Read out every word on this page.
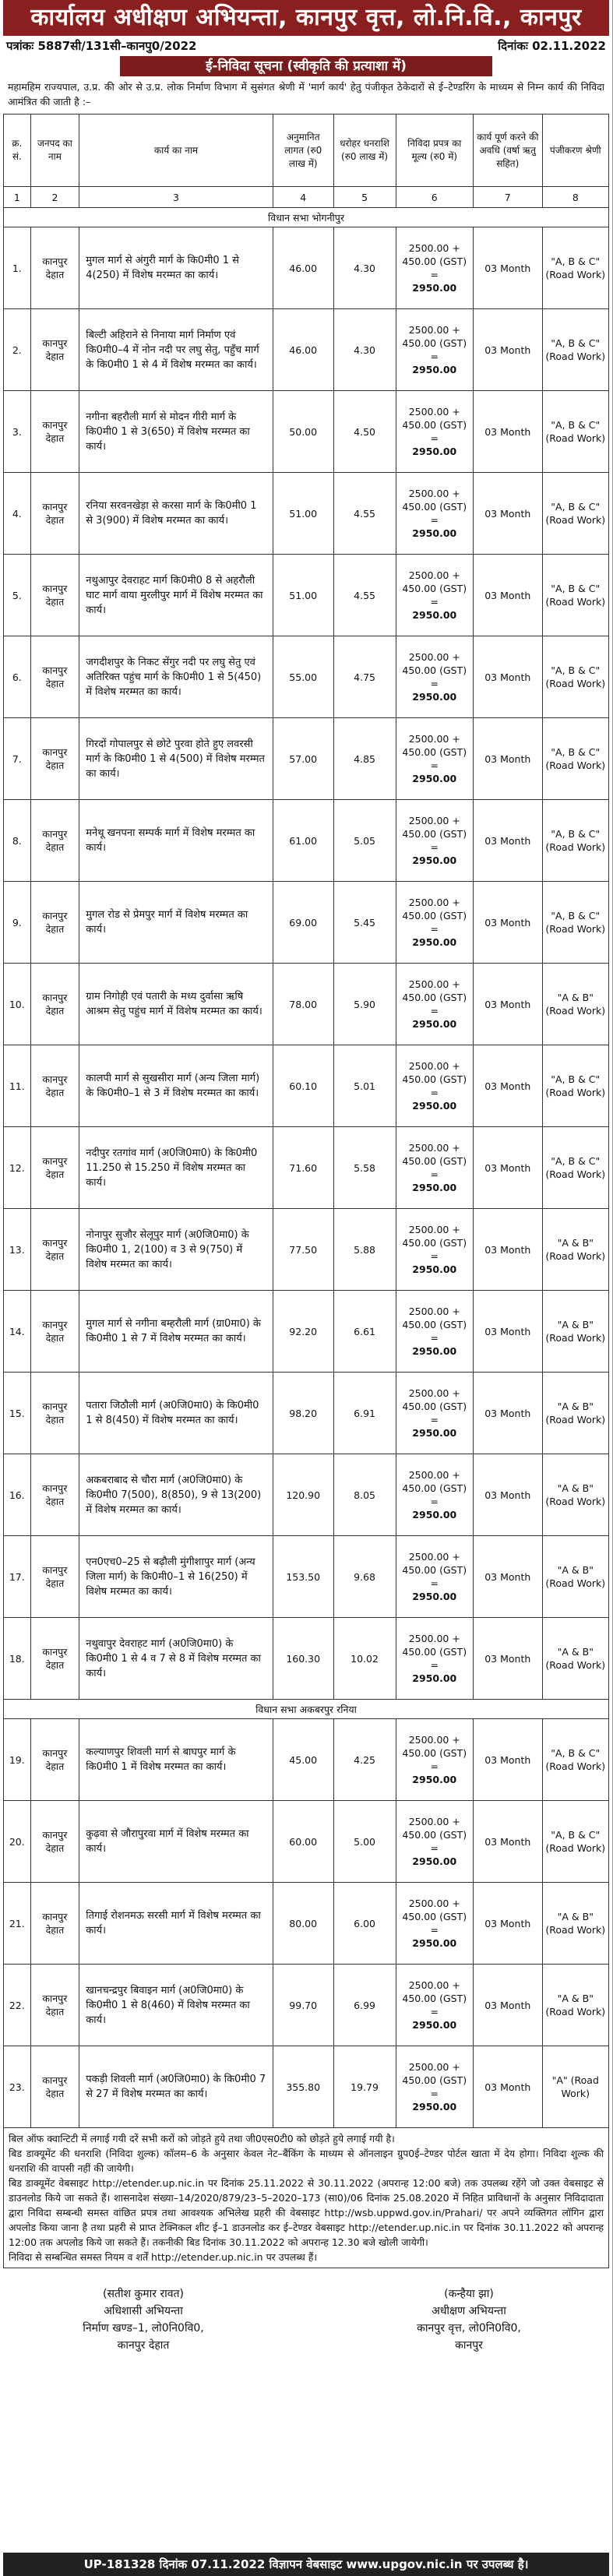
कार्यालय अधीक्षण अभियन्ता, कानपुर वृत्त, लो.नि.वि., कानपुर
पत्रांकः 5887सी/131सी–कानपु0/2022	दिनांकः 02.11.2022
ई-निविदा सूचना (स्वीकृति की प्रत्याशा में)
महामहिम राज्यपाल, उ.प्र. की ओर से उ.प्र. लोक निर्माण विभाग में सुसंगत श्रेणी में 'मार्ग कार्य' हेतु पंजीकृत ठेकेदारों से ई–टेण्डरिंग के माध्यम से निम्न कार्य की निविदा आमंत्रित की जाती है :–
क्र. सं.	जनपद का नाम	कार्य का नाम	अनुमानित लागत (रु0 लाख में)	धरोहर धनराशि (रु0 लाख में)	निविदा प्रपत्र का मूल्य (रु0 में)	कार्य पूर्ण करने की अवधि (वर्षा ऋतु सहित)	पंजीकरण श्रेणी
1	2	3	4	5	6	7	8
विधान सभा भोगनीपुर							
1.	कानपुर देहात	मुगल मार्ग से अंगुरी मार्ग के कि0मी0 1 से 4(250) में विशेष मरम्मत का कार्य।	46.00	4.30	2500.00 +
450.00 (GST) =
2950.00	03 Month	"A, B & C" (Road Work)
2.	कानपुर देहात	बिल्टी अहिराने से निनाया मार्ग निर्माण एवं कि0मी0–4 में नोन नदी पर लघु सेतु, पहुँच मार्ग के कि0मी0 1 से 4 में विशेष मरम्मत का कार्य।	46.00	4.30	2500.00 +
450.00 (GST) =
2950.00	03 Month	"A, B & C" (Road Work)
3.	कानपुर देहात	नगीना बहरौली मार्ग से मोदन गीरी मार्ग के कि0मी0 1 से 3(650) में विशेष मरम्मत का कार्य।	50.00	4.50	2500.00 +
450.00 (GST) =
2950.00	03 Month	"A, B & C" (Road Work)
4.	कानपुर देहात	रनिया सरवनखेड़ा से करसा मार्ग के कि0मी0 1 से 3(900) में विशेष मरम्मत का कार्य।	51.00	4.55	2500.00 +
450.00 (GST) =
2950.00	03 Month	"A, B & C" (Road Work)
5.	कानपुर देहात	नथुआपुर देवराहट मार्ग कि0मी0 8 से अहरौली घाट मार्ग वाया मुरलीपुर मार्ग में विशेष मरम्मत का कार्य।	51.00	4.55	2500.00 +
450.00 (GST) =
2950.00	03 Month	"A, B & C" (Road Work)
6.	कानपुर देहात	जगदीशपुर के निकट सेंगुर नदी पर लघु सेतु एवं अतिरिक्त पहुंच मार्ग के कि0मी0 1 से 5(450) में विशेष मरम्मत का कार्य।	55.00	4.75	2500.00 +
450.00 (GST) =
2950.00	03 Month	"A, B & C" (Road Work)
7.	कानपुर देहात	गिरदों गोपालपुर से छोटे पुरवा होते हुए लवरसी मार्ग के कि0मी0 1 से 4(500) में विशेष मरम्मत का कार्य।	57.00	4.85	2500.00 +
450.00 (GST) =
2950.00	03 Month	"A, B & C" (Road Work)
8.	कानपुर देहात	मनेथू खनपना सम्पर्क मार्ग में विशेष मरम्मत का कार्य।	61.00	5.05	2500.00 +
450.00 (GST) =
2950.00	03 Month	"A, B & C" (Road Work)
9.	कानपुर देहात	मुगल रोड से प्रेमपुर मार्ग में विशेष मरम्मत का कार्य।	69.00	5.45	2500.00 +
450.00 (GST) =
2950.00	03 Month	"A, B & C" (Road Work)
10.	कानपुर देहात	ग्राम निगोही एवं पतारी के मध्य दुर्वासा ऋषि आश्रम सेतु पहुंच मार्ग में विशेष मरम्मत का कार्य।	78.00	5.90	2500.00 +
450.00 (GST) =
2950.00	03 Month	"A & B" (Road Work)
11.	कानपुर देहात	कालपी मार्ग से सुखसीरा मार्ग (अन्य जिला मार्ग) के कि0मी0–1 से 3 में विशेष मरम्मत का कार्य।	60.10	5.01	2500.00 +
450.00 (GST) =
2950.00	03 Month	"A, B & C" (Road Work)
12.	कानपुर देहात	नदीपुर रतगांव मार्ग (अ0जि0मा0) के कि0मी0 11.250 से 15.250 में विशेष मरम्मत का कार्य।	71.60	5.58	2500.00 +
450.00 (GST) =
2950.00	03 Month	"A, B & C" (Road Work)
13.	कानपुर देहात	नोनापुर सुजौर सेलूपुर मार्ग (अ0जि0मा0) के कि0मी0 1, 2(100) व 3 से 9(750) में विशेष मरम्मत का कार्य।	77.50	5.88	2500.00 +
450.00 (GST) =
2950.00	03 Month	"A & B" (Road Work)
14.	कानपुर देहात	मुगल मार्ग से नगीना बम्हरौली मार्ग (ग्रा0मा0) के कि0मी0 1 से 7 में विशेष मरम्मत का कार्य।	92.20	6.61	2500.00 +
450.00 (GST) =
2950.00	03 Month	"A & B" (Road Work)
15.	कानपुर देहात	पतारा जिठौली मार्ग (अ0जि0मा0) के कि0मी0 1 से 8(450) में विशेष मरम्मत का कार्य।	98.20	6.91	2500.00 +
450.00 (GST) =
2950.00	03 Month	"A & B" (Road Work)
16.	कानपुर देहात	अकबराबाद से चौरा मार्ग (अ0जि0मा0) के कि0मी0 7(500), 8(850), 9 से 13(200) में विशेष मरम्मत का कार्य।	120.90	8.05	2500.00 +
450.00 (GST) =
2950.00	03 Month	"A & B" (Road Work)
17.	कानपुर देहात	एन0एच0–25 से बढ़ौली मुंगीशापुर मार्ग (अन्य जिला मार्ग) के कि0मी0–1 से 16(250) में विशेष मरम्मत का कार्य।	153.50	9.68	2500.00 +
450.00 (GST) =
2950.00	03 Month	"A & B" (Road Work)
18.	कानपुर देहात	नथुवापुर देवराहट मार्ग (अ0जि0मा0) के कि0मी0 1 से 4 व 7 से 8 में विशेष मरम्मत का कार्य।	160.30	10.02	2500.00 +
450.00 (GST) =
2950.00	03 Month	"A & B" (Road Work)
विधान सभा अकबरपुर रनिया							
19.	कानपुर देहात	कल्याणपुर शिवली मार्ग से बाघपुर मार्ग के कि0मी0 1 में विशेष मरम्मत का कार्य।	45.00	4.25	2500.00 +
450.00 (GST) =
2950.00	03 Month	"A, B & C" (Road Work)
20.	कानपुर देहात	कुढ़वा से जौरापुरवा मार्ग में विशेष मरम्मत का कार्य।	60.00	5.00	2500.00 +
450.00 (GST) =
2950.00	03 Month	"A, B & C" (Road Work)
21.	कानपुर देहात	तिगाई रोशनमऊ सरसी मार्ग में विशेष मरम्मत का कार्य।	80.00	6.00	2500.00 +
450.00 (GST) =
2950.00	03 Month	"A & B" (Road Work)
22.	कानपुर देहात	खानचन्द्रपुर बिवाइन मार्ग (अ0जि0मा0) के कि0मी0 1 से 8(460) में विशेष मरम्मत का कार्य।	99.70	6.99	2500.00 +
450.00 (GST) =
2950.00	03 Month	"A & B" (Road Work)
23.	कानपुर देहात	पकड़ी शिवली मार्ग (अ0जि0मा0) के कि0मी0 7 से 27 में विशेष मरम्मत का कार्य।	355.80	19.79	2500.00 +
450.00 (GST) =
2950.00	03 Month	"A" (Road Work)
बिल ऑफ क्वान्टिटी में लगाई गयी दरें सभी करों को जोड़ते हुये तथा जी0एस0टी0 को छोड़ते हुये लगाई गयी है।
बिड डाक्यूमेंट की धनराशि (निविदा शुल्क) कॉलम–6 के अनुसार केवल नेट–बैंकिंग के माध्यम से ऑनलाइन ग्रुप0ई–टेण्डर पोर्टल खाता में देय होगा। निविदा शुल्क की धनराशि की वापसी नहीं की जायेगी।
बिड डाक्यूमेंट वेबसाइट http://etender.up.nic.in पर दिनांक 25.11.2022 से 30.11.2022 (अपरान्ह 12:00 बजे) तक उपलब्ध रहेंगे जो उक्त वेबसाइट से डाउनलोड किये जा सकते हैं। शासनादेश संख्या–14/2020/879/23–5–2020–173 (सा0)/06 दिनांक 25.08.2020 में निहित प्राविधानों के अनुसार निविदादाता द्वारा निविदा सम्बन्धी समस्त वांछित प्रपत्र तथा आवश्यक अभिलेख प्रहरी की वेबसाइट http://wsb.uppwd.gov.in/Prahari/ पर अपने व्यक्तिगत लॉगिन द्वारा अपलोड किया जाना है तथा प्रहरी से प्राप्त टेक्निकल शीट ई–1 डाउनलोड कर ई–टेण्डर वेबसाइट http://etender.up.nic.in पर दिनांक 30.11.2022 को अपरान्ह 12:00 तक अपलोड किये जा सकते हैं। तकनीकी बिड दिनांक 30.11.2022 को अपरान्ह 12.30 बजे खोली जायेगी।
निविदा से सम्बन्धित समस्त नियम व शर्तें http://etender.up.nic.in पर उपलब्ध हैं।
(सतीश कुमार रावत)
अधिशासी अभियन्ता
निर्माण खण्ड–1, लो0नि0वि0,
कानपुर देहात
(कन्हैया झा)
अधीक्षण अभियन्ता
कानपुर वृत्त, लो0नि0वि0,
कानपुर
UP-181328 दिनांक 07.11.2022 विज्ञापन वेबसाइट www.upgov.nic.in पर उपलब्ध है।
